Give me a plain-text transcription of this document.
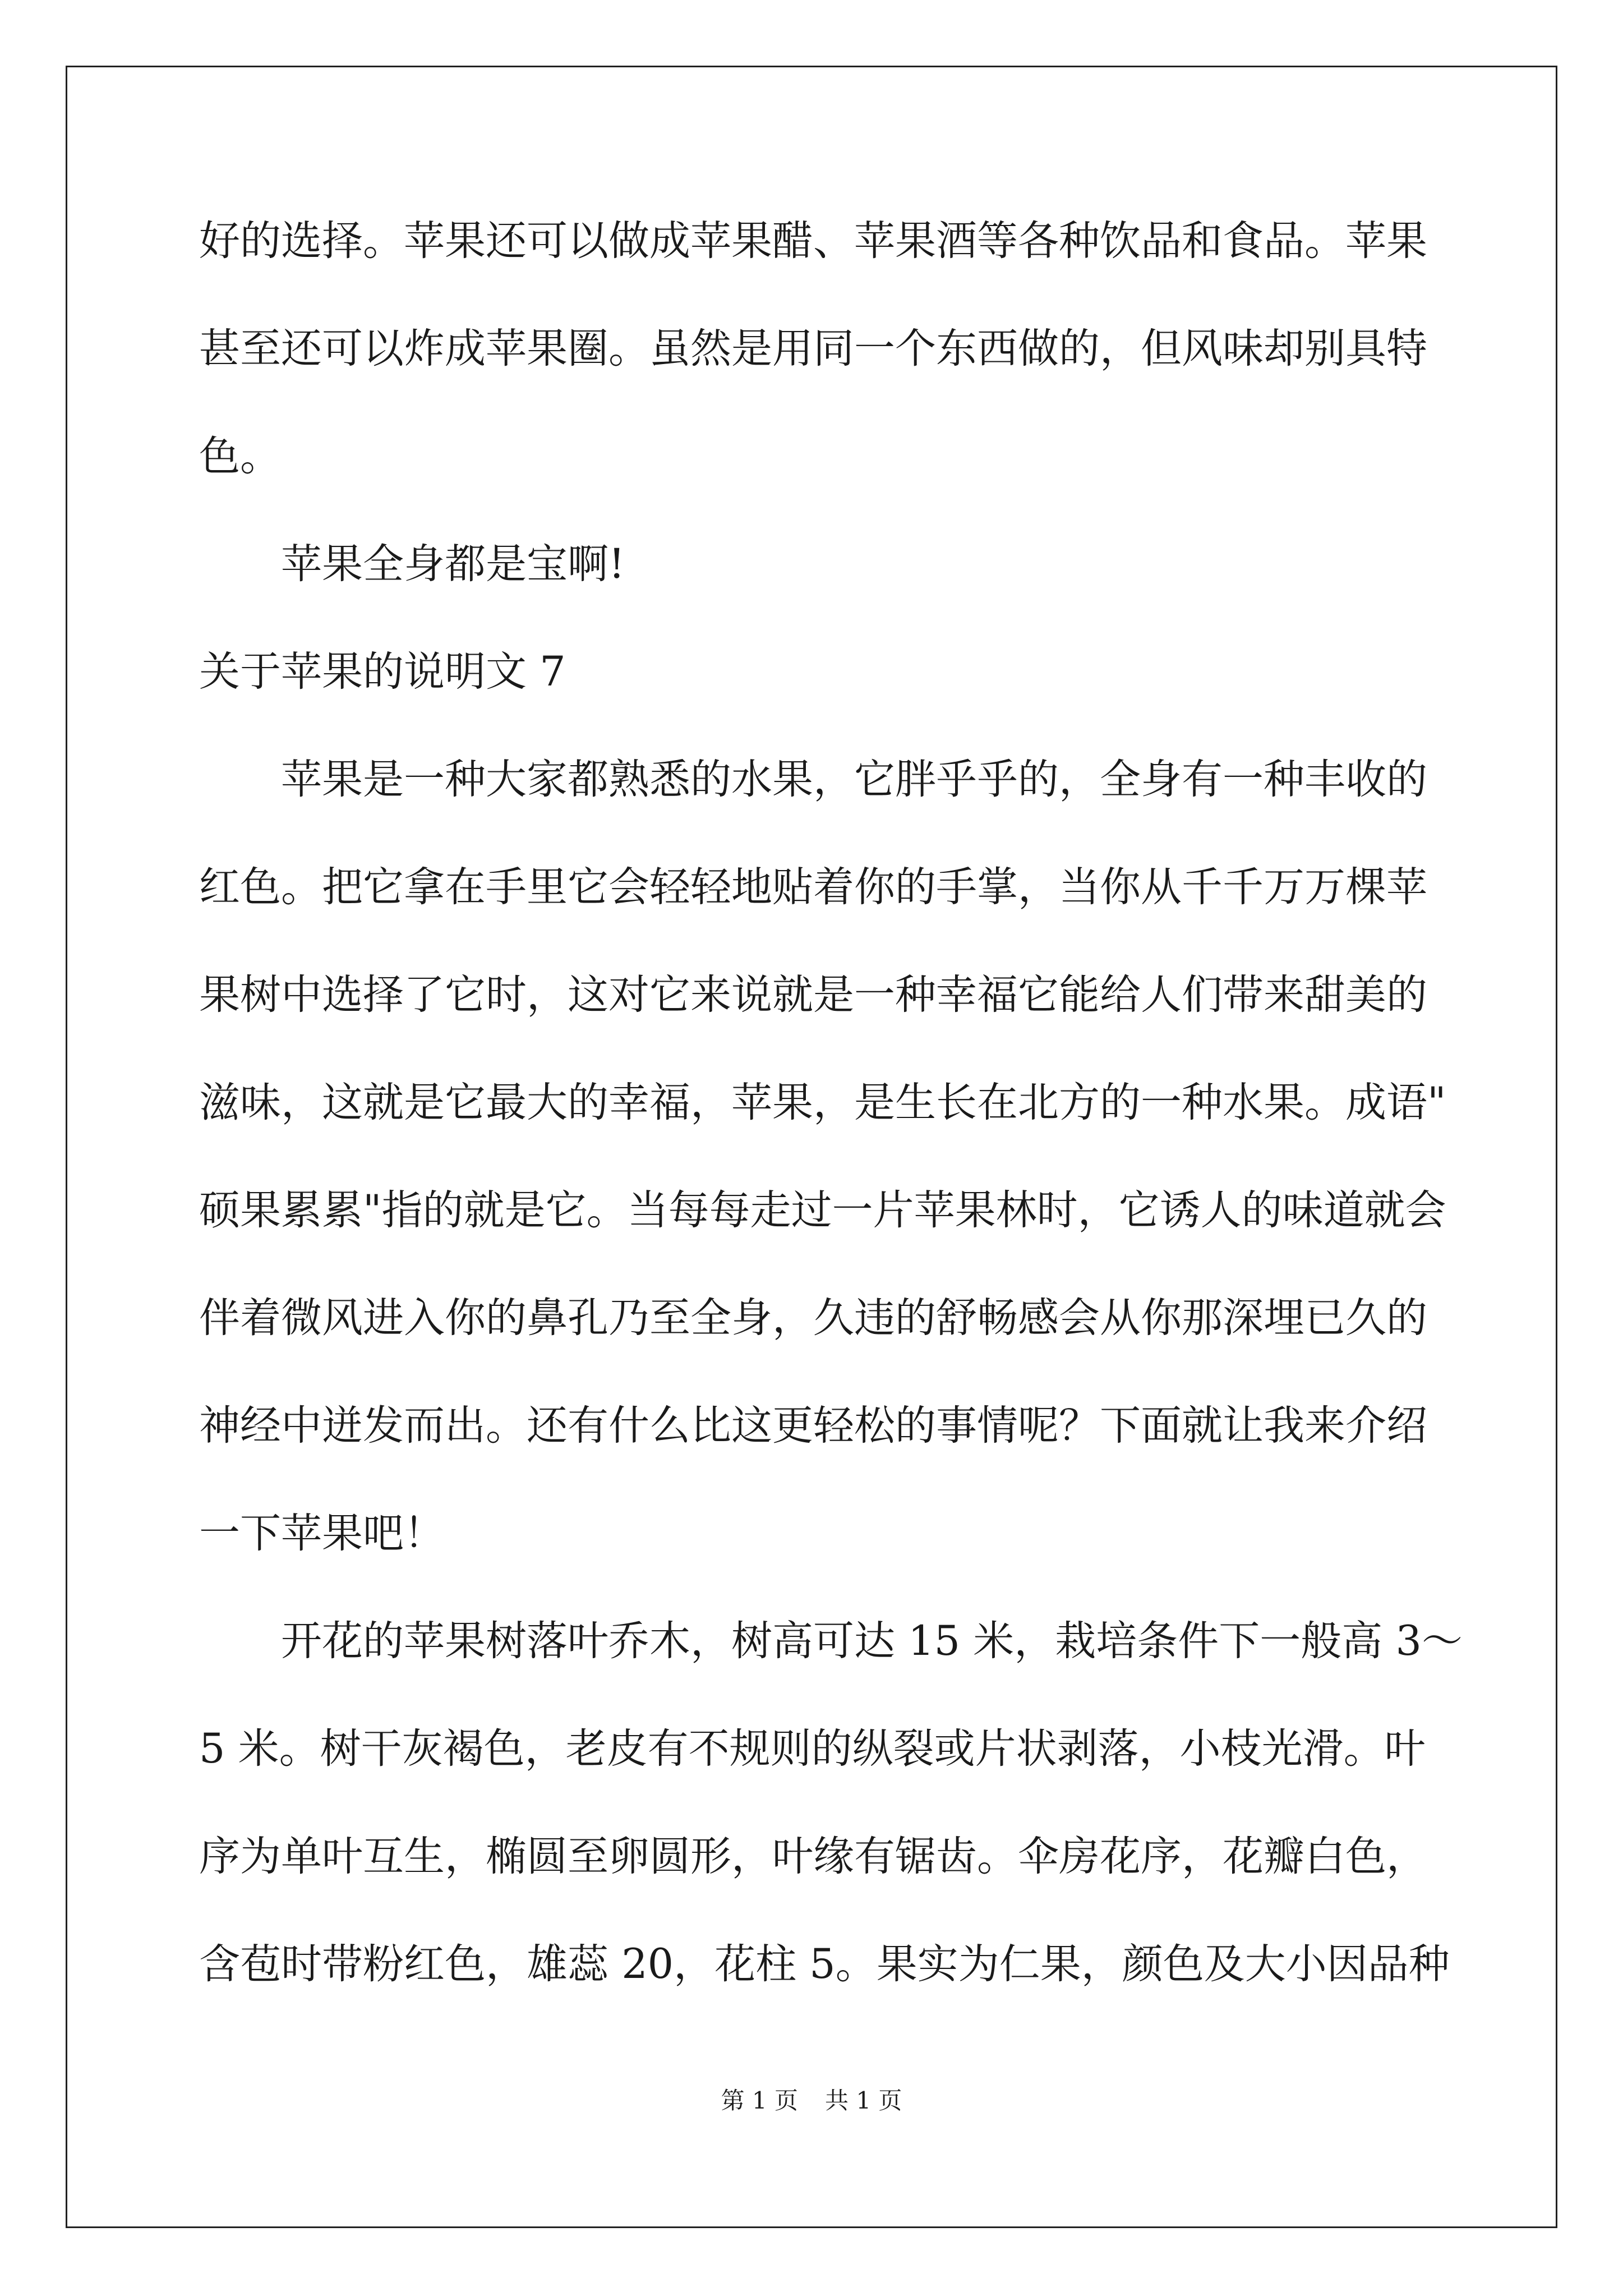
好的选择。苹果还可以做成苹果醋、苹果酒等各种饮品和食品。苹果
甚至还可以炸成苹果圈。虽然是用同一个东西做的，但风味却别具特
色。
苹果全身都是宝啊!
关于苹果的说明文 7
苹果是一种大家都熟悉的水果，它胖乎乎的，全身有一种丰收的
红色。把它拿在手里它会轻轻地贴着你的手掌，当你从千千万万棵苹
果树中选择了它时，这对它来说就是一种幸福它能给人们带来甜美的
滋味，这就是它最大的幸福，苹果，是生长在北方的一种水果。成语"
硕果累累"指的就是它。当每每走过一片苹果林时，它诱人的味道就会
伴着微风进入你的鼻孔乃至全身，久违的舒畅感会从你那深埋已久的
神经中迸发而出。还有什么比这更轻松的事情呢？下面就让我来介绍
一下苹果吧！
开花的苹果树落叶乔木，树高可达 15 米，栽培条件下一般高 3～
5 米。树干灰褐色，老皮有不规则的纵裂或片状剥落，小枝光滑。叶
序为单叶互生，椭圆至卵圆形，叶缘有锯齿。伞房花序，花瓣白色，
含苞时带粉红色，雄蕊 20，花柱 5。果实为仁果，颜色及大小因品种
第 1 页 共 1 页
